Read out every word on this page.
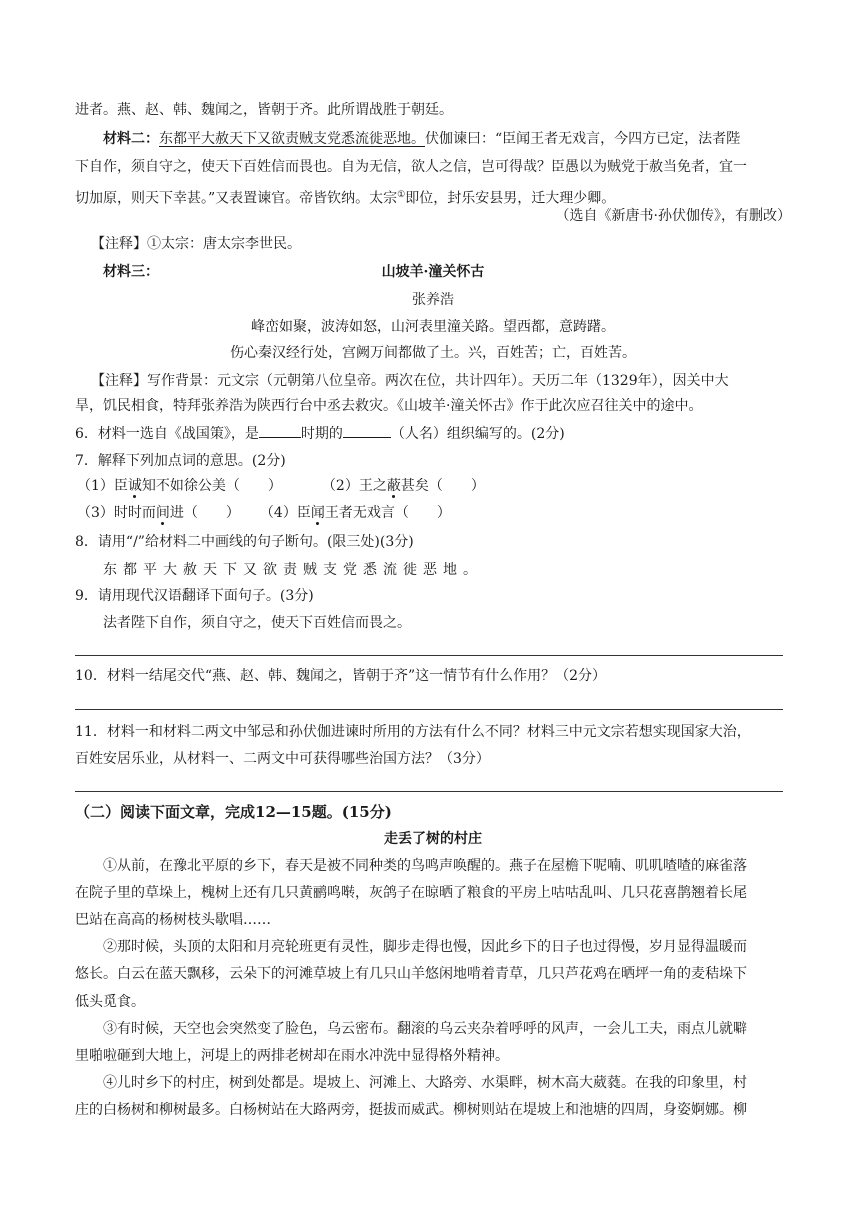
进者。燕、赵、韩、魏闻之，皆朝于齐。此所谓战胜于朝廷。
材料二：东都平大赦天下又欲责贼支党悉流徙恶地。伏伽谏曰：“臣闻王者无戏言，今四方已定，法者陛
下自作，须自守之，使天下百姓信而畏也。自为无信，欲人之信，岂可得哉？臣愚以为贼党于赦当免者，宜一
切加原，则天下幸甚。”又表置谏官。帝皆钦纳。太宗①即位，封乐安县男，迁大理少卿。
（选自《新唐书·孙伏伽传》，有删改）
【注释】①太宗：唐太宗李世民。
材料三：	山坡羊·潼关怀古
张养浩
峰峦如聚，波涛如怒，山河表里潼关路。望西都，意踌躇。
伤心秦汉经行处，宫阙万间都做了土。兴，百姓苦；亡，百姓苦。
【注释】写作背景：元文宗（元朝第八位皇帝。两次在位，共计四年）。天历二年（1329年），因关中大
旱，饥民相食，特拜张养浩为陕西行台中丞去救灾。《山坡羊·潼关怀古》作于此次应召往关中的途中。
6．材料一选自《战国策》，是	时期的	（人名）组织编写的。(2分)
7．解释下列加点词的意思。(2分)
（1）臣诚知不如徐公美（　　）	（2）王之蔽甚矣（　　）
（3）时时而间进（　　） （4）臣闻王者无戏言（　　）
8．请用“/”给材料二中画线的句子断句。(限三处)(3分)
东都平大赦天下又欲责贼支党悉流徙恶地。
9．请用现代汉语翻译下面句子。(3分)
法者陛下自作，须自守之，使天下百姓信而畏之。
10．材料一结尾交代“燕、赵、韩、魏闻之，皆朝于齐”这一情节有什么作用？（2分）
11．材料一和材料二两文中邹忌和孙伏伽进谏时所用的方法有什么不同？材料三中元文宗若想实现国家大治，
百姓安居乐业，从材料一、二两文中可获得哪些治国方法？（3分）
（二）阅读下面文章，完成12—15题。(15分)
走丢了树的村庄
①从前，在豫北平原的乡下，春天是被不同种类的鸟鸣声唤醒的。燕子在屋檐下呢喃、叽叽喳喳的麻雀落
在院子里的草垛上，槐树上还有几只黄鹂鸣啭，灰鸽子在晾晒了粮食的平房上咕咕乱叫、几只花喜鹊翘着长尾
巴站在高高的杨树枝头歇唱……
②那时候，头顶的太阳和月亮轮班更有灵性，脚步走得也慢，因此乡下的日子也过得慢，岁月显得温暖而
悠长。白云在蓝天飘移，云朵下的河滩草坡上有几只山羊悠闲地啃着青草，几只芦花鸡在晒坪一角的麦秸垛下
低头觅食。
③有时候，天空也会突然变了脸色，乌云密布。翻滚的乌云夹杂着呼呼的风声，一会儿工夫，雨点儿就噼
里啪啦砸到大地上，河堤上的两排老树却在雨水冲洗中显得格外精神。
④儿时乡下的村庄，树到处都是。堤坡上、河滩上、大路旁、水渠畔，树木高大葳蕤。在我的印象里，村
庄的白杨树和柳树最多。白杨树站在大路两旁，挺拔而威武。柳树则站在堤坡上和池塘的四周，身姿婀娜。柳
